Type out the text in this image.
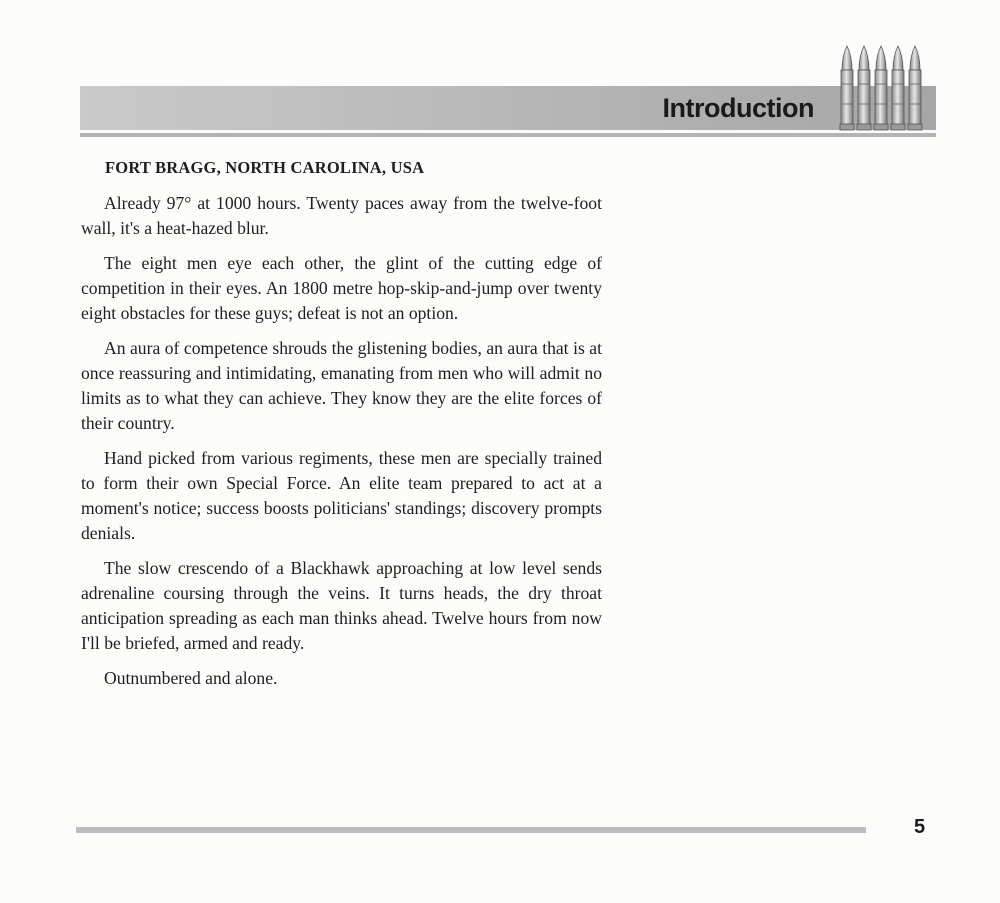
Introduction
FORT BRAGG, NORTH CAROLINA, USA

Already 97° at 1000 hours. Twenty paces away from the twelve-foot wall, it's a heat-hazed blur.

The eight men eye each other, the glint of the cutting edge of competition in their eyes. An 1800 metre hop-skip-and-jump over twenty eight obstacles for these guys; defeat is not an option.

An aura of competence shrouds the glistening bodies, an aura that is at once reassuring and intimidating, emanating from men who will admit no limits as to what they can achieve. They know they are the elite forces of their country.

Hand picked from various regiments, these men are specially trained to form their own Special Force. An elite team prepared to act at a moment's notice; success boosts politicians' standings; discovery prompts denials.

The slow crescendo of a Blackhawk approaching at low level sends adrenaline coursing through the veins. It turns heads, the dry throat anticipation spreading as each man thinks ahead. Twelve hours from now I'll be briefed, armed and ready.

Outnumbered and alone.

5
